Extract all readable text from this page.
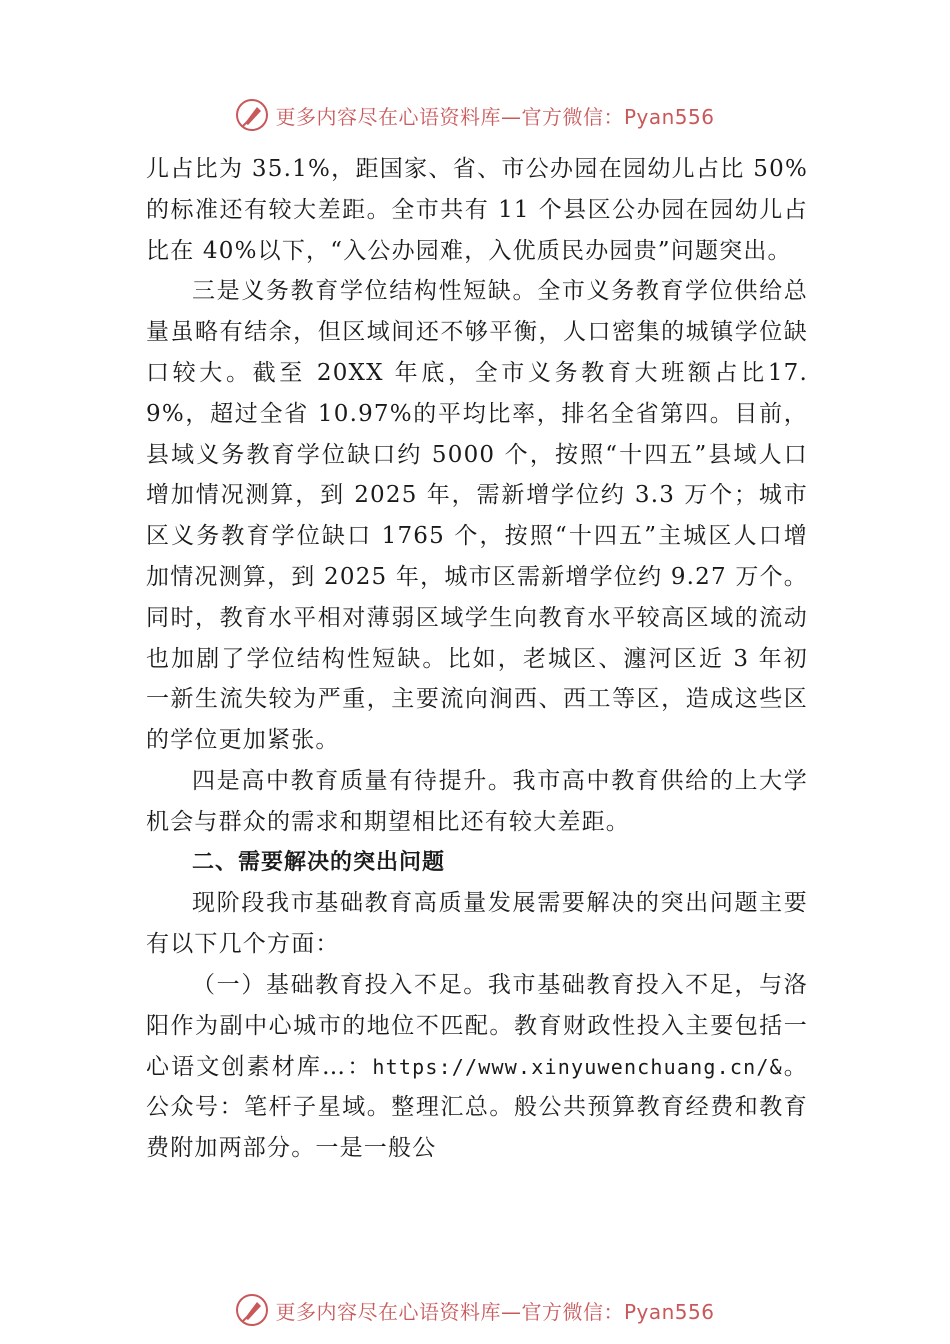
更多内容尽在心语资料库—官方微信：Pyan556

儿占比为 35.1%，距国家、省、市公办园在园幼儿占比 50%的标准还有较大差距。全市共有 11 个县区公办园在园幼儿占比在 40%以下，“入公办园难，入优质民办园贵”问题突出。

三是义务教育学位结构性短缺。全市义务教育学位供给总量虽略有结余，但区域间还不够平衡，人口密集的城镇学位缺口较大。截至 20XX 年底，全市义务教育大班额占比17.9%，超过全省 10.97%的平均比率，排名全省第四。目前，县域义务教育学位缺口约 5000 个，按照“十四五”县域人口增加情况测算，到 2025 年，需新增学位约 3.3 万个；城市区义务教育学位缺口 1765 个，按照“十四五”主城区人口增加情况测算，到 2025 年，城市区需新增学位约 9.27 万个。同时，教育水平相对薄弱区域学生向教育水平较高区域的流动也加剧了学位结构性短缺。比如，老城区、瀍河区近 3 年初一新生流失较为严重，主要流向涧西、西工等区，造成这些区的学位更加紧张。

四是高中教育质量有待提升。我市高中教育供给的上大学机会与群众的需求和期望相比还有较大差距。

二、需要解决的突出问题

现阶段我市基础教育高质量发展需要解决的突出问题主要有以下几个方面：

（一）基础教育投入不足。我市基础教育投入不足，与洛阳作为副中心城市的地位不匹配。教育财政性投入主要包括一心语文创素材库…：https://www.xinyuwenchuang.cn/&。公众号：笔杆子星域。整理汇总。般公共预算教育经费和教育费附加两部分。一是一般公

更多内容尽在心语资料库—官方微信：Pyan556
